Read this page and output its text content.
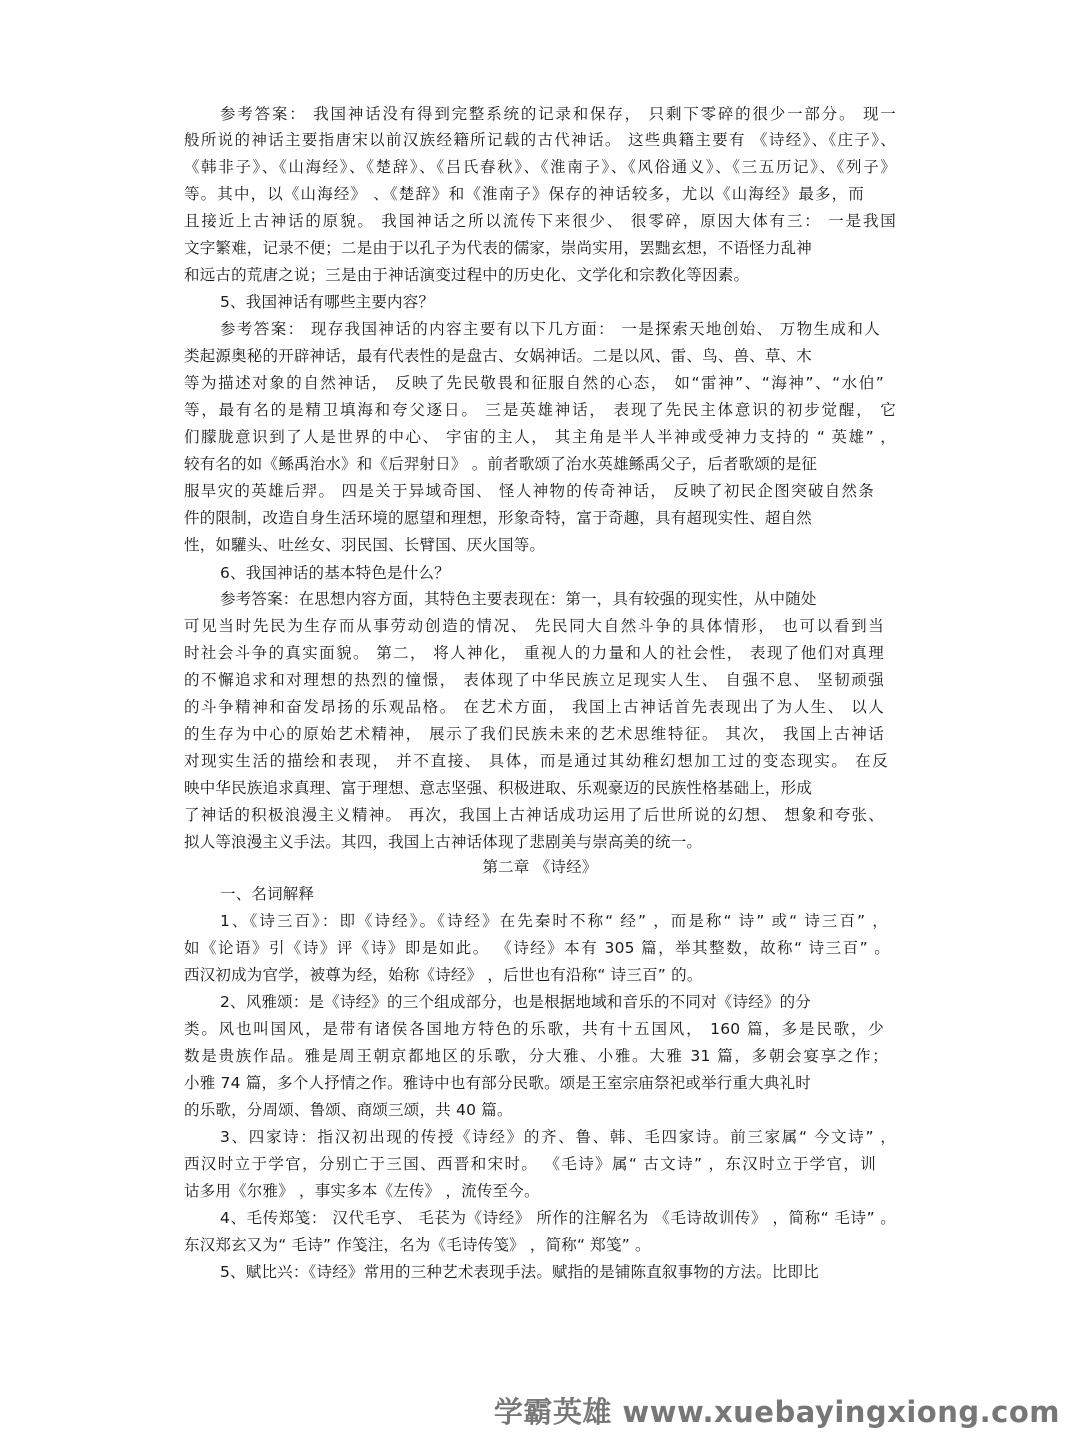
参考答案： 我国神话没有得到完整系统的记录和保存， 只剩下零碎的很少一部分。 现一
般所说的神话主要指唐宋以前汉族经籍所记载的古代神话。 这些典籍主要有 《诗经》、《庄子》、
《韩非子》、《山海经》、《楚辞》、《吕氏春秋》、《淮南子》、《风俗通义》、《三五历记》、《列子》
等。其中，以《山海经》 、《楚辞》和《淮南子》保存的神话较多，尤以《山海经》最多，而
且接近上古神话的原貌。 我国神话之所以流传下来很少、 很零碎，原因大体有三： 一是我国
文字繁难，记录不便；二是由于以孔子为代表的儒家，崇尚实用，罢黜玄想，不语怪力乱神
和远古的荒唐之说；三是由于神话演变过程中的历史化、文学化和宗教化等因素。
5、我国神话有哪些主要内容？
参考答案： 现存我国神话的内容主要有以下几方面： 一是探索天地创始、 万物生成和人
类起源奥秘的开辟神话，最有代表性的是盘古、女娲神话。二是以风、雷、鸟、兽、草、木
等为描述对象的自然神话， 反映了先民敬畏和征服自然的心态， 如“雷神”、“海神”、“水伯”
等，最有名的是精卫填海和夸父逐日。 三是英雄神话， 表现了先民主体意识的初步觉醒， 它
们朦胧意识到了人是世界的中心、 宇宙的主人， 其主角是半人半神或受神力支持的 “ 英雄” ，
较有名的如《鲧禹治水》和《后羿射日》 。前者歌颂了治水英雄鲧禹父子，后者歌颂的是征
服旱灾的英雄后羿。 四是关于异域奇国、 怪人神物的传奇神话， 反映了初民企图突破自然条
件的限制，改造自身生活环境的愿望和理想，形象奇特，富于奇趣，具有超现实性、超自然
性，如驩头、吐丝女、羽民国、长臂国、厌火国等。
6、我国神话的基本特色是什么？
参考答案：在思想内容方面，其特色主要表现在：第一，具有较强的现实性，从中随处
可见当时先民为生存而从事劳动创造的情况、 先民同大自然斗争的具体情形， 也可以看到当
时社会斗争的真实面貌。 第二， 将人神化， 重视人的力量和人的社会性， 表现了他们对真理
的不懈追求和对理想的热烈的憧憬， 表体现了中华民族立足现实人生、 自强不息、 坚韧顽强
的斗争精神和奋发昂扬的乐观品格。 在艺术方面， 我国上古神话首先表现出了为人生、 以人
的生存为中心的原始艺术精神， 展示了我们民族未来的艺术思维特征。 其次， 我国上古神话
对现实生活的描绘和表现， 并不直接、 具体，而是通过其幼稚幻想加工过的变态现实。 在反
映中华民族追求真理、富于理想、意志坚强、积极进取、乐观豪迈的民族性格基础上，形成
了神话的积极浪漫主义精神。 再次，我国上古神话成功运用了后世所说的幻想、 想象和夸张、
拟人等浪漫主义手法。其四，我国上古神话体现了悲剧美与崇高美的统一。
第二章 《诗经》
一、名词解释
1、《诗三百》：即《诗经》。《诗经》在先秦时不称“ 经” ，而是称“ 诗” 或“ 诗三百” ，
如《论语》引《诗》评《诗》即是如此。 《诗经》本有 305 篇，举其整数，故称“ 诗三百” 。
西汉初成为官学，被尊为经，始称《诗经》 ，后世也有沿称“ 诗三百” 的。
2、风雅颂：是《诗经》的三个组成部分，也是根据地域和音乐的不同对《诗经》的分
类。风也叫国风，是带有诸侯各国地方特色的乐歌，共有十五国风， 160 篇，多是民歌，少
数是贵族作品。雅是周王朝京都地区的乐歌，分大雅、小雅。大雅 31 篇，多朝会宴享之作；
小雅 74 篇，多个人抒情之作。雅诗中也有部分民歌。颂是王室宗庙祭祀或举行重大典礼时
的乐歌，分周颂、鲁颂、商颂三颂，共 40 篇。
3、四家诗：指汉初出现的传授《诗经》的齐、鲁、韩、毛四家诗。前三家属“ 今文诗” ，
西汉时立于学官，分别亡于三国、西晋和宋时。 《毛诗》属“ 古文诗” ，东汉时立于学官，训
诂多用《尔雅》 ，事实多本《左传》 ，流传至今。
4、毛传郑笺： 汉代毛亨、 毛苌为《诗经》 所作的注解名为 《毛诗故训传》 ，简称“ 毛诗” 。
东汉郑玄又为“ 毛诗” 作笺注，名为《毛诗传笺》 ，简称“ 郑笺” 。
5、赋比兴：《诗经》常用的三种艺术表现手法。赋指的是铺陈直叙事物的方法。比即比
学霸英雄 www.xuebayingxiong.com
